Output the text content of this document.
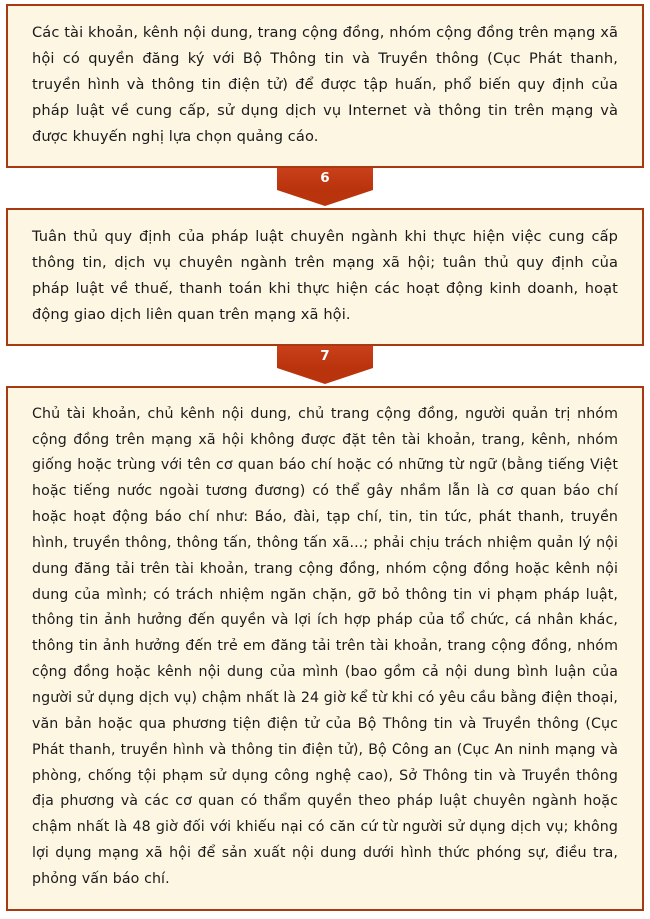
Các tài khoản, kênh nội dung, trang cộng đồng, nhóm cộng đồng trên mạng xã hội có quyền đăng ký với Bộ Thông tin và Truyền thông (Cục Phát thanh, truyền hình và thông tin điện tử) để được tập huấn, phổ biến quy định của pháp luật về cung cấp, sử dụng dịch vụ Internet và thông tin trên mạng và được khuyến nghị lựa chọn quảng cáo.

6

Tuân thủ quy định của pháp luật chuyên ngành khi thực hiện việc cung cấp thông tin, dịch vụ chuyên ngành trên mạng xã hội; tuân thủ quy định của pháp luật về thuế, thanh toán khi thực hiện các hoạt động kinh doanh, hoạt động giao dịch liên quan trên mạng xã hội.

7

Chủ tài khoản, chủ kênh nội dung, chủ trang cộng đồng, người quản trị nhóm cộng đồng trên mạng xã hội không được đặt tên tài khoản, trang, kênh, nhóm giống hoặc trùng với tên cơ quan báo chí hoặc có những từ ngữ (bằng tiếng Việt hoặc tiếng nước ngoài tương đương) có thể gây nhầm lẫn là cơ quan báo chí hoặc hoạt động báo chí như: Báo, đài, tạp chí, tin, tin tức, phát thanh, truyền hình, truyền thông, thông tấn, thông tấn xã...; phải chịu trách nhiệm quản lý nội dung đăng tải trên tài khoản, trang cộng đồng, nhóm cộng đồng hoặc kênh nội dung của mình; có trách nhiệm ngăn chặn, gỡ bỏ thông tin vi phạm pháp luật, thông tin ảnh hưởng đến quyền và lợi ích hợp pháp của tổ chức, cá nhân khác, thông tin ảnh hưởng đến trẻ em đăng tải trên tài khoản, trang cộng đồng, nhóm cộng đồng hoặc kênh nội dung của mình (bao gồm cả nội dung bình luận của người sử dụng dịch vụ) chậm nhất là 24 giờ kể từ khi có yêu cầu bằng điện thoại, văn bản hoặc qua phương tiện điện tử của Bộ Thông tin và Truyền thông (Cục Phát thanh, truyền hình và thông tin điện tử), Bộ Công an (Cục An ninh mạng và phòng, chống tội phạm sử dụng công nghệ cao), Sở Thông tin và Truyền thông địa phương và các cơ quan có thẩm quyền theo pháp luật chuyên ngành hoặc chậm nhất là 48 giờ đối với khiếu nại có căn cứ từ người sử dụng dịch vụ; không lợi dụng mạng xã hội để sản xuất nội dung dưới hình thức phóng sự, điều tra, phỏng vấn báo chí.
